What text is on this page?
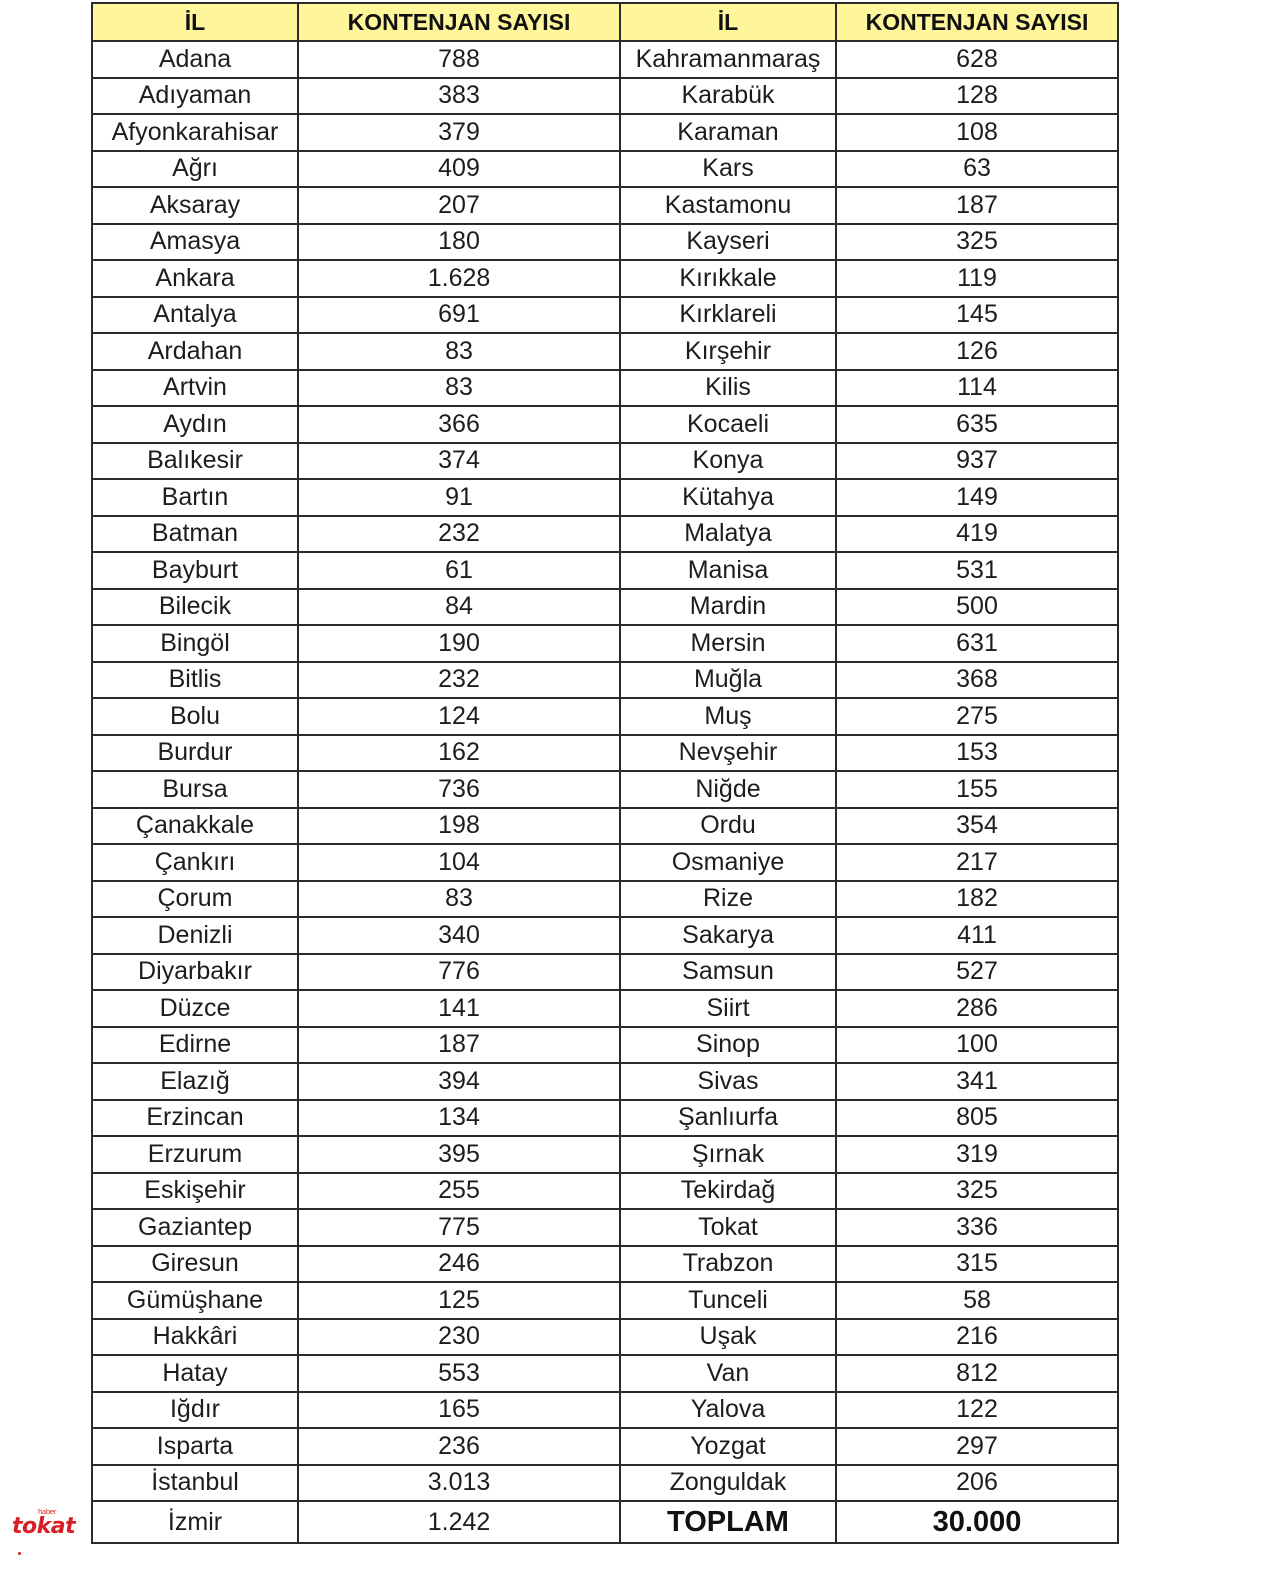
İL	KONTENJAN SAYISI	İL	KONTENJAN SAYISI
Adana	788	Kahramanmaraş	628
Adıyaman	383	Karabük	128
Afyonkarahisar	379	Karaman	108
Ağrı	409	Kars	63
Aksaray	207	Kastamonu	187
Amasya	180	Kayseri	325
Ankara	1.628	Kırıkkale	119
Antalya	691	Kırklareli	145
Ardahan	83	Kırşehir	126
Artvin	83	Kilis	114
Aydın	366	Kocaeli	635
Balıkesir	374	Konya	937
Bartın	91	Kütahya	149
Batman	232	Malatya	419
Bayburt	61	Manisa	531
Bilecik	84	Mardin	500
Bingöl	190	Mersin	631
Bitlis	232	Muğla	368
Bolu	124	Muş	275
Burdur	162	Nevşehir	153
Bursa	736	Niğde	155
Çanakkale	198	Ordu	354
Çankırı	104	Osmaniye	217
Çorum	83	Rize	182
Denizli	340	Sakarya	411
Diyarbakır	776	Samsun	527
Düzce	141	Siirt	286
Edirne	187	Sinop	100
Elazığ	394	Sivas	341
Erzincan	134	Şanlıurfa	805
Erzurum	395	Şırnak	319
Eskişehir	255	Tekirdağ	325
Gaziantep	775	Tokat	336
Giresun	246	Trabzon	315
Gümüşhane	125	Tunceli	58
Hakkâri	230	Uşak	216
Hatay	553	Van	812
Iğdır	165	Yalova	122
Isparta	236	Yozgat	297
İstanbul	3.013	Zonguldak	206
İzmir	1.242	TOPLAM	30.000
tokat
haber
